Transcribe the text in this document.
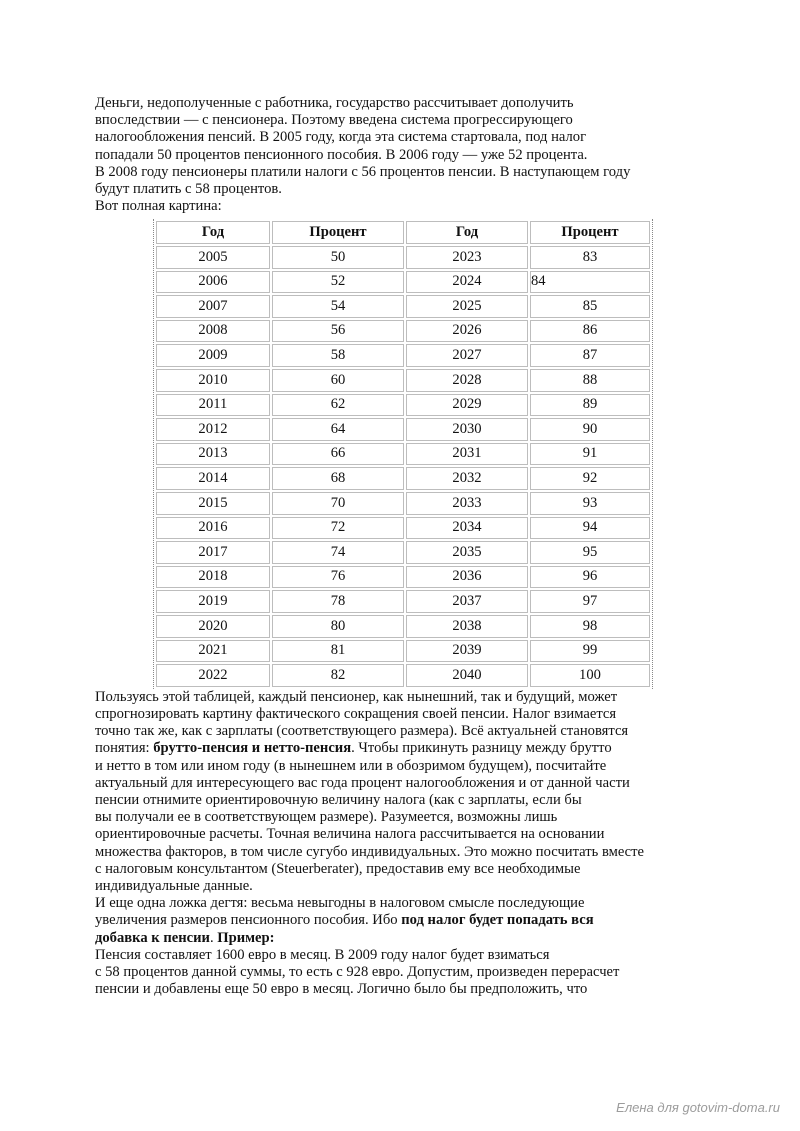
Деньги, недополученные с работника, государство рассчитывает дополучить
впоследствии — с пенсионера. Поэтому введена система прогрессирующего
налогообложения пенсий. В 2005 году, когда эта система стартовала, под налог
попадали 50 процентов пенсионного пособия. В 2006 году — уже 52 процента.
В 2008 году пенсионеры платили налоги с 56 процентов пенсии. В наступающем году
будут платить с 58 процентов.
Вот полная картина:
Год	Процент	Год	Процент
2005	50	2023	83
2006	52	2024	84
2007	54	2025	85
2008	56	2026	86
2009	58	2027	87
2010	60	2028	88
2011	62	2029	89
2012	64	2030	90
2013	66	2031	91
2014	68	2032	92
2015	70	2033	93
2016	72	2034	94
2017	74	2035	95
2018	76	2036	96
2019	78	2037	97
2020	80	2038	98
2021	81	2039	99
2022	82	2040	100
Пользуясь этой таблицей, каждый пенсионер, как нынешний, так и будущий, может
спрогнозировать картину фактического сокращения своей пенсии. Налог взимается
точно так же, как с зарплаты (соответствующего размера). Всё актуальней становятся
понятия: брутто-пенсия и нетто-пенсия. Чтобы прикинуть разницу между брутто
и нетто в том или ином году (в нынешнем или в обозримом будущем), посчитайте
актуальный для интересующего вас года процент налогообложения и от данной части
пенсии отнимите ориентировочную величину налога (как с зарплаты, если бы
вы получали ее в соответствующем размере). Разумеется, возможны лишь
ориентировочные расчеты. Точная величина налога рассчитывается на основании
множества факторов, в том числе сугубо индивидуальных. Это можно посчитать вместе
с налоговым консультантом (Steuerberater), предоставив ему все необходимые
индивидуальные данные.
И еще одна ложка дегтя: весьма невыгодны в налоговом смысле последующие
увеличения размеров пенсионного пособия. Ибо под налог будет попадать вся
добавка к пенсии. Пример:
Пенсия составляет 1600 евро в месяц. В 2009 году налог будет взиматься
с 58 процентов данной суммы, то есть с 928 евро. Допустим, произведен перерасчет
пенсии и добавлены еще 50 евро в месяц. Логично было бы предположить, что
Елена для gotovim-doma.ru
